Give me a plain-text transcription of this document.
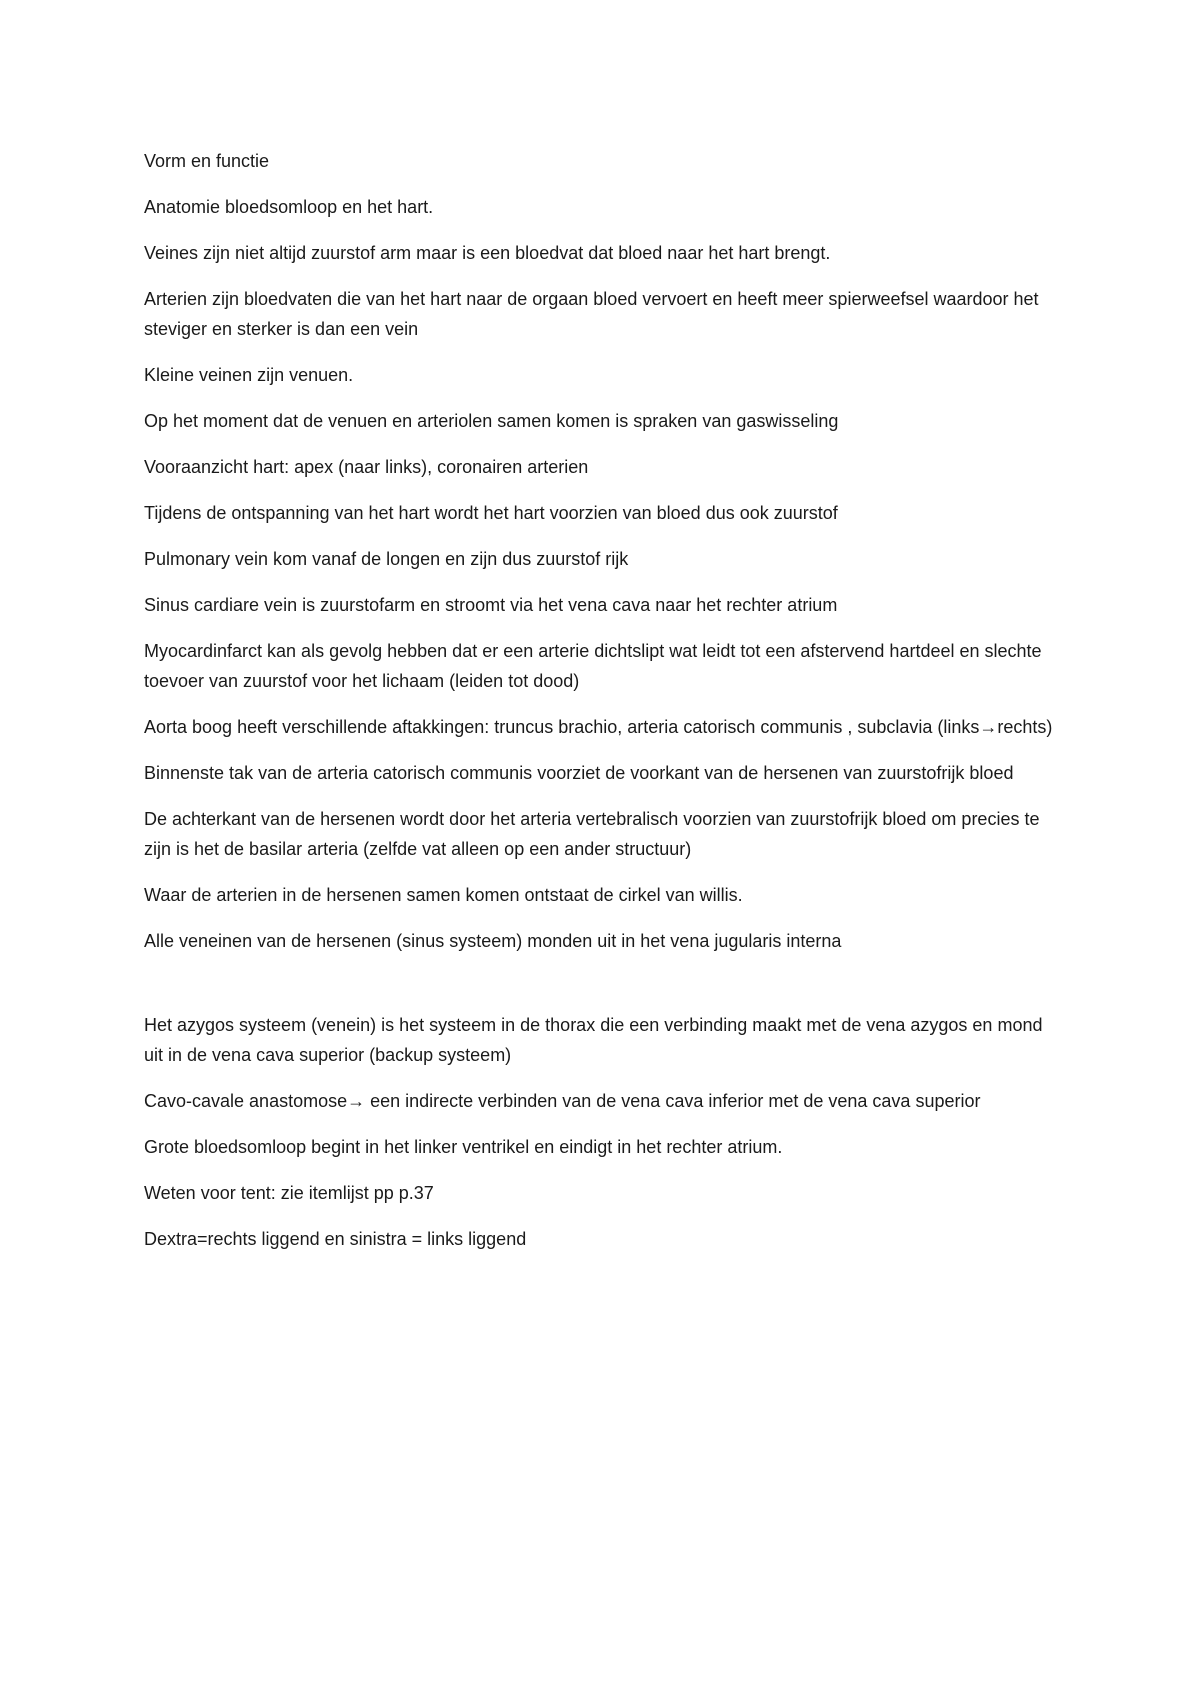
Vorm en functie

Anatomie bloedsomloop en het hart.

Veines zijn niet altijd zuurstof arm maar is een bloedvat dat bloed naar het hart brengt.

Arterien zijn bloedvaten die van het hart naar de orgaan bloed vervoert en heeft meer spierweefsel waardoor het steviger en sterker is dan een vein

Kleine veinen zijn venuen.

Op het moment dat de venuen en arteriolen samen komen is spraken van gaswisseling

Vooraanzicht hart: apex (naar links), coronairen arterien

Tijdens de ontspanning van het hart wordt het hart voorzien van bloed dus ook zuurstof

Pulmonary vein kom vanaf de longen en zijn dus zuurstof rijk

Sinus cardiare vein is zuurstofarm en stroomt via het vena cava naar het rechter atrium

Myocardinfarct kan als gevolg hebben dat er een arterie dichtslipt wat leidt tot een afstervend hartdeel en slechte toevoer van zuurstof voor het lichaam (leiden tot dood)

Aorta boog heeft verschillende aftakkingen: truncus brachio, arteria catorisch communis , subclavia (links→rechts)

Binnenste tak van de arteria catorisch communis voorziet de voorkant van de hersenen van zuurstofrijk bloed

De achterkant van de hersenen wordt door het arteria vertebralisch voorzien van zuurstofrijk bloed om precies te zijn is het de basilar arteria (zelfde vat alleen op een ander structuur)

Waar de arterien in de hersenen samen komen ontstaat de cirkel van willis.

Alle veneinen van de hersenen (sinus systeem) monden uit in het vena jugularis interna

Het azygos systeem (venein) is het systeem in de thorax die een verbinding maakt met de vena azygos en mond uit in de vena cava superior (backup systeem)

Cavo-cavale anastomose→ een indirecte verbinden van de vena cava inferior met de vena cava superior

Grote bloedsomloop begint in het linker ventrikel en eindigt in het rechter atrium.

Weten voor tent: zie itemlijst pp p.37

Dextra=rechts liggend en sinistra = links liggend
